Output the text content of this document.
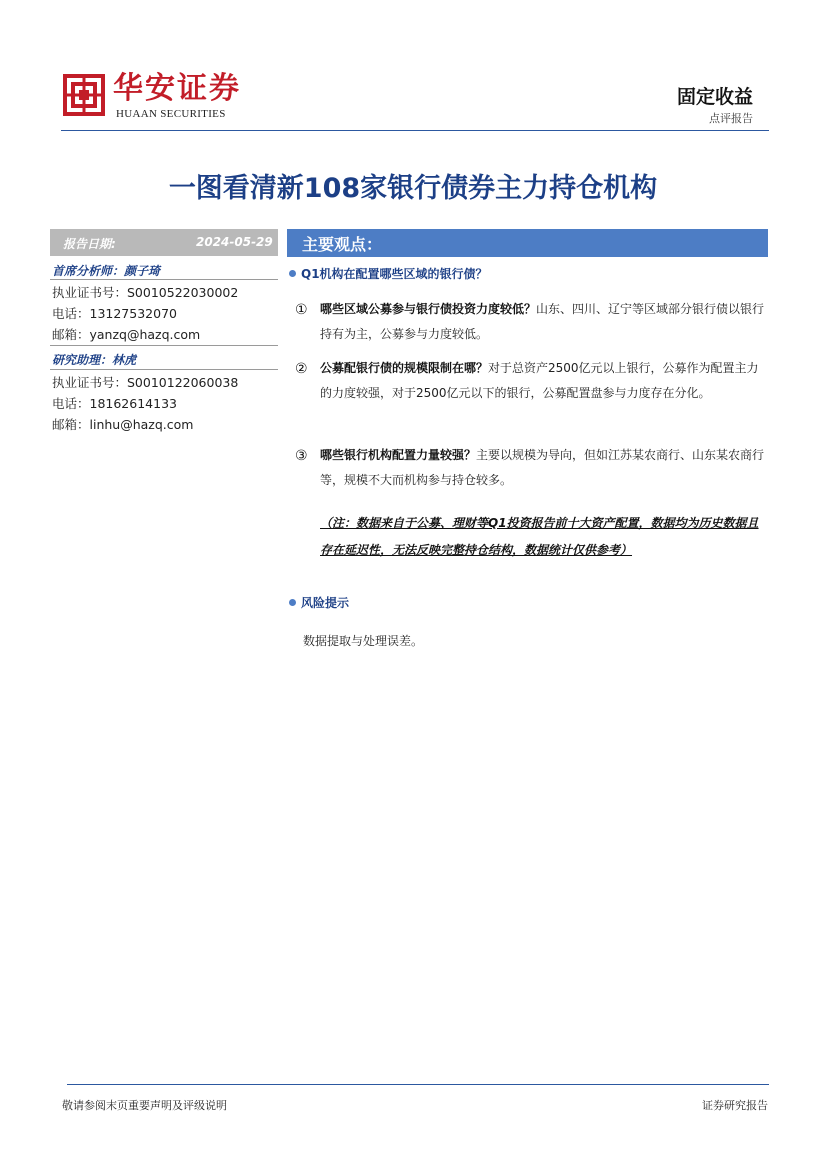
华安证券
HUAAN SECURITIES
固定收益
点评报告
一图看清新108家银行债券主力持仓机构
报告日期:	2024-05-29
首席分析师：颜子琦
执业证书号：S0010522030002
电话：13127532070
邮箱：yanzq@hazq.com
研究助理：林虎
执业证书号：S0010122060038
电话：18162614133
邮箱：linhu@hazq.com
主要观点：
Q1机构在配置哪些区域的银行债？
① 哪些区域公募参与银行债投资力度较低？山东、四川、辽宁等区域部分银行债以银行持有为主，公募参与力度较低。
② 公募配银行债的规模限制在哪？对于总资产2500亿元以上银行，公募作为配置主力的力度较强，对于2500亿元以下的银行，公募配置盘参与力度存在分化。
③ 哪些银行机构配置力量较强？主要以规模为导向，但如江苏某农商行、山东某农商行等，规模不大而机构参与持仓较多。
（注：数据来自于公募、理财等Q1投资报告前十大资产配置，数据均为历史数据且存在延迟性，无法反映完整持仓结构，数据统计仅供参考）
风险提示
数据提取与处理误差。
敬请参阅末页重要声明及评级说明	证券研究报告
